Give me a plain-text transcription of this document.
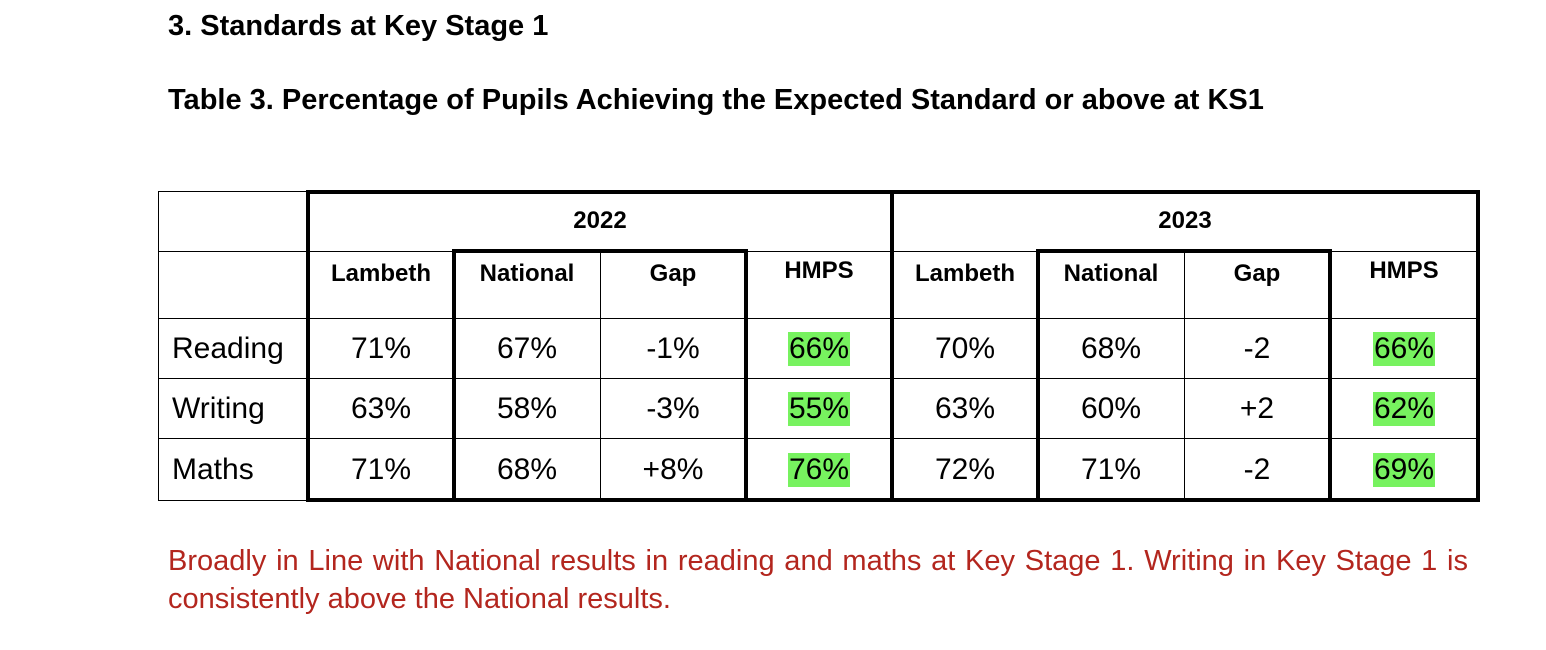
3. Standards at Key Stage 1
Table 3. Percentage of Pupils Achieving the Expected Standard or above at KS1
2022	2023
Lambeth	National	Gap	HMPS	Lambeth	National	Gap	HMPS
Reading	71%	67%	-1%	66%	70%	68%	-2	66%
Writing	63%	58%	-3%	55%	63%	60%	+2	62%
Maths	71%	68%	+8%	76%	72%	71%	-2	69%
Broadly in Line with National results in reading and maths at Key Stage 1. Writing in Key Stage 1 is consistently above the National results.
